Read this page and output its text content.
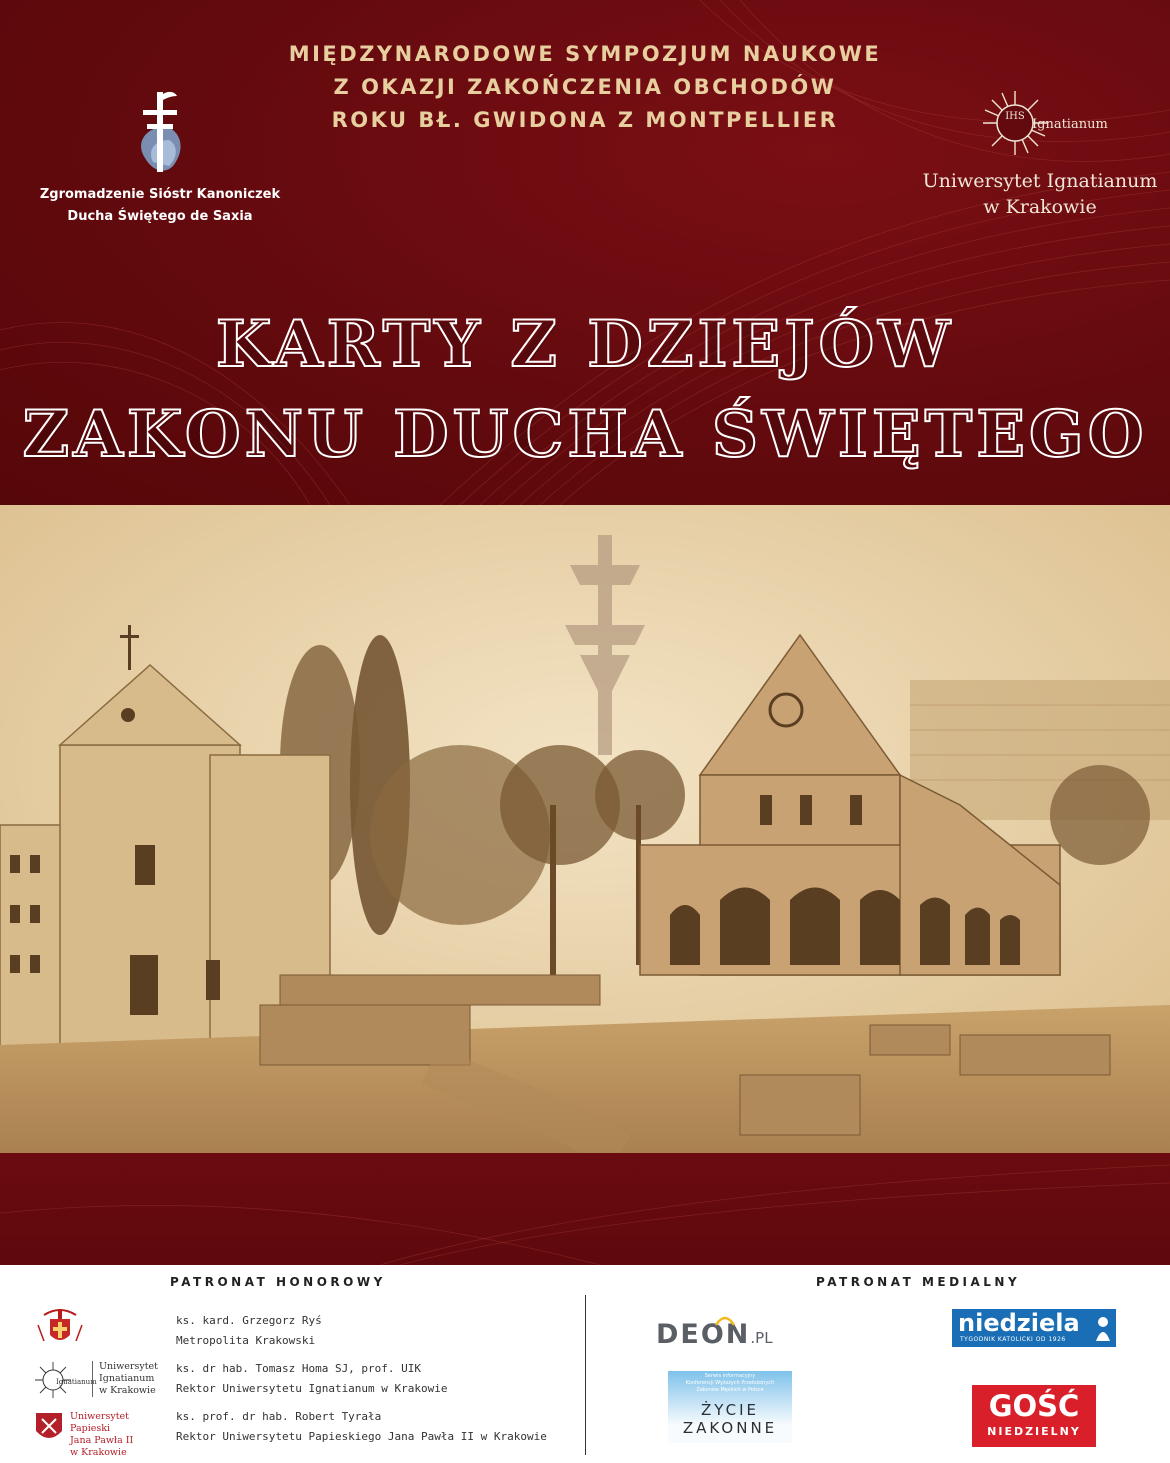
MIĘDZYNARODOWE SYMPOZJUM NAUKOWE
Z OKAZJI ZAKOŃCZENIA OBCHODÓW
ROKU BŁ. GWIDONA Z MONTPELLIER
Zgromadzenie Sióstr Kanoniczek
Ducha Świętego de Saxia
IHS
Ignatianum
Uniwersytet Ignatianum
w Krakowie
KARTY Z DZIEJÓW
ZAKONU DUCHA ŚWIĘTEGO
PATRONAT HONOROWY	PATRONAT MEDIALNY
ks. kard. Grzegorz Ryś
Metropolita Krakowski
Ignatianum
Uniwersytet
Ignatianum
w Krakowie
ks. dr hab. Tomasz Homa SJ, prof. UIK
Rektor Uniwersytetu Ignatianum w Krakowie
Uniwersytet Papieski
Jana Pawła II
w Krakowie
ks. prof. dr hab. Robert Tyrała
Rektor Uniwersytetu Papieskiego Jana Pawła II w Krakowie
DEON.PL
niedziela
TYGODNIK KATOLICKI OD 1926
Serwis informacyjny
Konferencji Wyższych Przełożonych
Zakonów Męskich w Polsce
ŻYCIE
ZAKONNE
GOŚĆ
NIEDZIELNY
